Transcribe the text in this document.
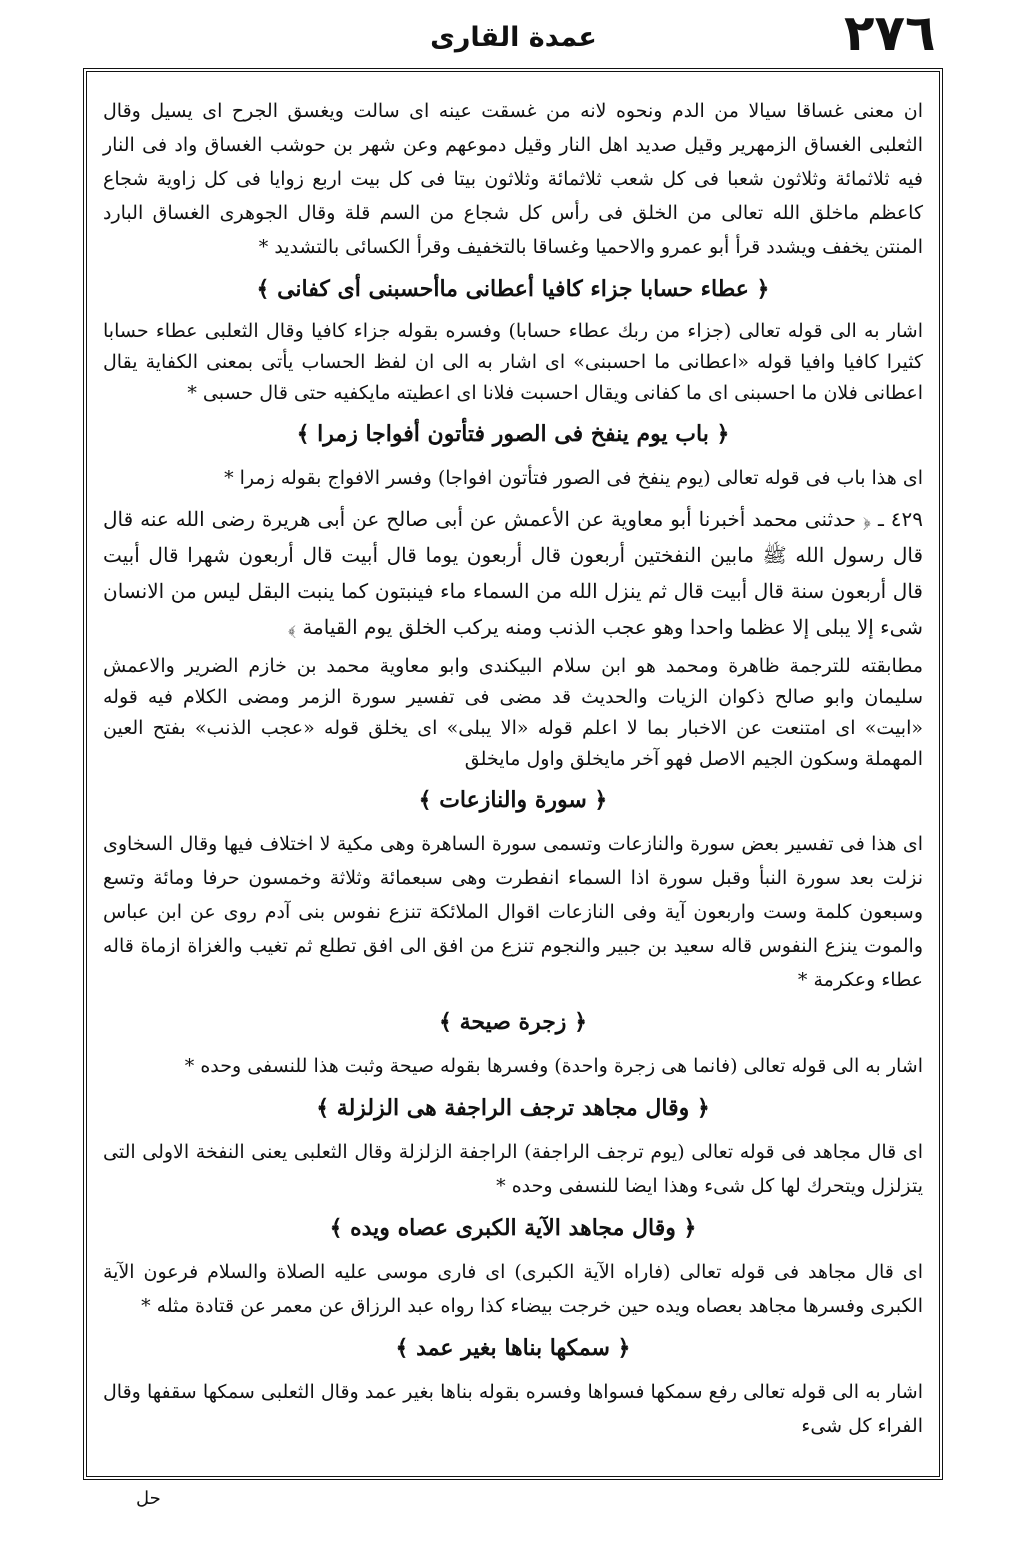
عمدة القارى	٢٧٦

ان معنى غساقا سيالا من الدم ونحوه لانه من غسقت عينه اى سالت ويغسق الجرح اى يسيل وقال الثعلبى الغساق الزمهرير وقيل صديد اهل النار وقيل دموعهم وعن شهر بن حوشب الغساق واد فى النار فيه ثلاثمائة وثلاثون شعبا فى كل شعب ثلاثمائة وثلاثون بيتا فى كل بيت اربع زوايا فى كل زاوية شجاع كاعظم ماخلق الله تعالى من الخلق فى رأس كل شجاع من السم قلة وقال الجوهرى الغساق البارد المنتن يخفف ويشدد قرأ أبو عمرو والاحميا وغساقا بالتخفيف وقرأ الكسائى بالتشديد *

﴿ عطاء حسابا جزاء كافيا أعطانى ماأحسبنى أى كفانى ﴾

اشار به الى قوله تعالى (جزاء من ربك عطاء حسابا) وفسره بقوله جزاء كافيا وقال الثعلبى عطاء حسابا كثيرا كافيا وافيا قوله «اعطانى ما احسبنى» اى اشار به الى ان لفظ الحساب يأتى بمعنى الكفاية يقال اعطانى فلان ما احسبنى اى ما كفانى ويقال احسبت فلانا اى اعطيته مايكفيه حتى قال حسبى *

﴿ باب يوم ينفخ فى الصور فتأتون أفواجا زمرا ﴾

اى هذا باب فى قوله تعالى (يوم ينفخ فى الصور فتأتون افواجا) وفسر الافواج بقوله زمرا *

٤٢٩ ـ ﴿ حدثنى محمد أخبرنا أبو معاوية عن الأعمش عن أبى صالح عن أبى هريرة رضى الله عنه قال قال رسول الله ﷺ مابين النفختين أربعون قال أربعون يوما قال أبيت قال أربعون شهرا قال أبيت قال أربعون سنة قال أبيت قال ثم ينزل الله من السماء ماء فينبتون كما ينبت البقل ليس من الانسان شىء إلا يبلى إلا عظما واحدا وهو عجب الذنب ومنه يركب الخلق يوم القيامة ﴾

مطابقته للترجمة ظاهرة ومحمد هو ابن سلام البيكندى وابو معاوية محمد بن خازم الضرير والاعمش سليمان وابو صالح ذكوان الزيات والحديث قد مضى فى تفسير سورة الزمر ومضى الكلام فيه قوله «ابيت» اى امتنعت عن الاخبار بما لا اعلم قوله «الا يبلى» اى يخلق قوله «عجب الذنب» بفتح العين المهملة وسكون الجيم الاصل فهو آخر مايخلق واول مايخلق

﴿ سورة والنازعات ﴾

اى هذا فى تفسير بعض سورة والنازعات وتسمى سورة الساهرة وهى مكية لا اختلاف فيها وقال السخاوى نزلت بعد سورة النبأ وقبل سورة اذا السماء انفطرت وهى سبعمائة وثلاثة وخمسون حرفا ومائة وتسع وسبعون كلمة وست واربعون آية وفى النازعات اقوال الملائكة تنزع نفوس بنى آدم روى عن ابن عباس والموت ينزع النفوس قاله سعيد بن جبير والنجوم تنزع من افق الى افق تطلع ثم تغيب والغزاة ازماة قاله عطاء وعكرمة *

﴿ زجرة صيحة ﴾

اشار به الى قوله تعالى (فانما هى زجرة واحدة) وفسرها بقوله صيحة وثبت هذا للنسفى وحده *

﴿ وقال مجاهد ترجف الراجفة هى الزلزلة ﴾

اى قال مجاهد فى قوله تعالى (يوم ترجف الراجفة) الراجفة الزلزلة وقال الثعلبى يعنى النفخة الاولى التى يتزلزل ويتحرك لها كل شىء وهذا ايضا للنسفى وحده *

﴿ وقال مجاهد الآية الكبرى عصاه ويده ﴾

اى قال مجاهد فى قوله تعالى (فاراه الآية الكبرى) اى فارى موسى عليه الصلاة والسلام فرعون الآية الكبرى وفسرها مجاهد بعصاه ويده حين خرجت بيضاء كذا رواه عبد الرزاق عن معمر عن قتادة مثله *

﴿ سمكها بناها بغير عمد ﴾

اشار به الى قوله تعالى رفع سمكها فسواها وفسره بقوله بناها بغير عمد وقال الثعلبى سمكها سقفها وقال الفراء كل شىء

حل
